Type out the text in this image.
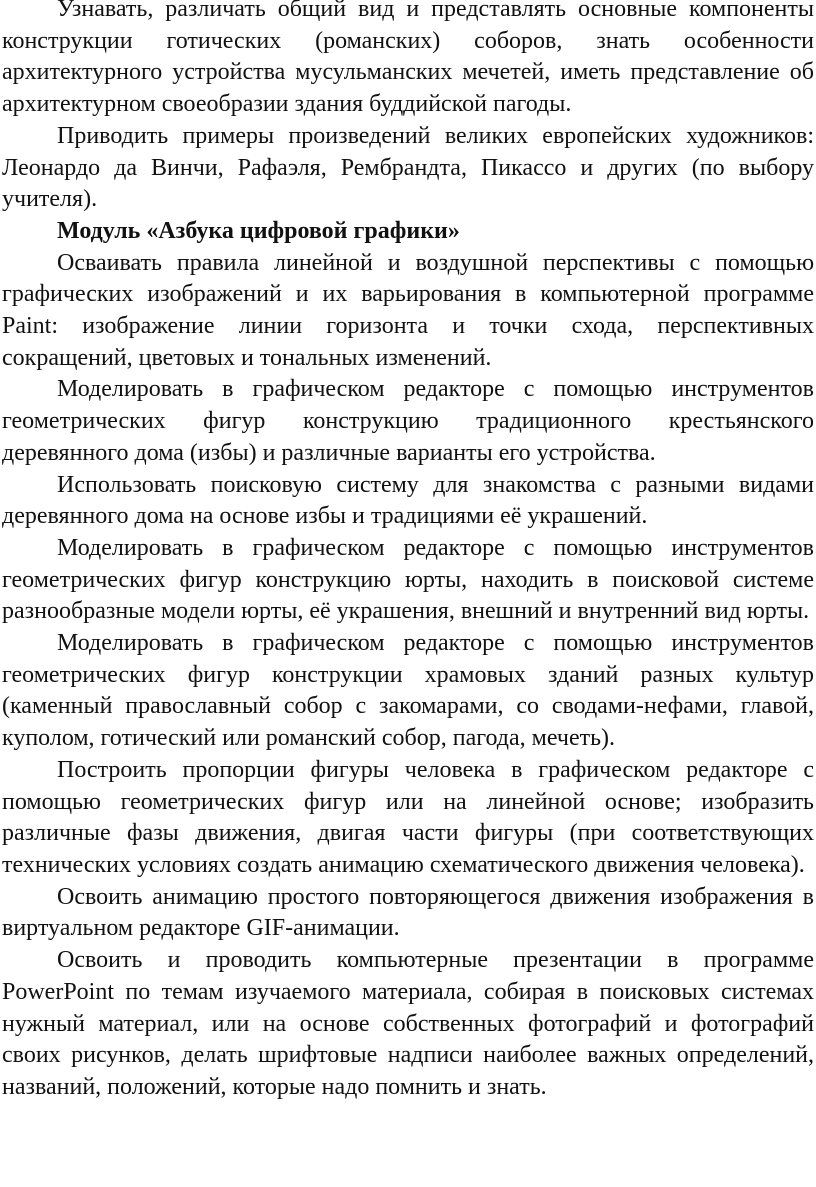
Узнавать, различать общий вид и представлять основные компоненты конструкции готических (романских) соборов, знать особенности архитектурного устройства мусульманских мечетей, иметь представление об архитектурном своеобразии здания буддийской пагоды.

Приводить примеры произведений великих европейских художников: Леонардо да Винчи, Рафаэля, Рембрандта, Пикассо и других (по выбору учителя).

Модуль «Азбука цифровой графики»

Осваивать правила линейной и воздушной перспективы с помощью графических изображений и их варьирования в компьютерной программе Paint: изображение линии горизонта и точки схода, перспективных сокращений, цветовых и тональных изменений.

Моделировать в графическом редакторе с помощью инструментов геометрических фигур конструкцию традиционного крестьянского деревянного дома (избы) и различные варианты его устройства.

Использовать поисковую систему для знакомства с разными видами деревянного дома на основе избы и традициями её украшений.

Моделировать в графическом редакторе с помощью инструментов геометрических фигур конструкцию юрты, находить в поисковой системе разнообразные модели юрты, её украшения, внешний и внутренний вид юрты.

Моделировать в графическом редакторе с помощью инструментов геометрических фигур конструкции храмовых зданий разных культур (каменный православный собор с закомарами, со сводами-нефами, главой, куполом, готический или романский собор, пагода, мечеть).

Построить пропорции фигуры человека в графическом редакторе с помощью геометрических фигур или на линейной основе; изобразить различные фазы движения, двигая части фигуры (при соответствующих технических условиях создать анимацию схематического движения человека).

Освоить анимацию простого повторяющегося движения изображения в виртуальном редакторе GIF-анимации.

Освоить и проводить компьютерные презентации в программе PowerPoint по темам изучаемого материала, собирая в поисковых системах нужный материал, или на основе собственных фотографий и фотографий своих рисунков, делать шрифтовые надписи наиболее важных определений, названий, положений, которые надо помнить и знать.
